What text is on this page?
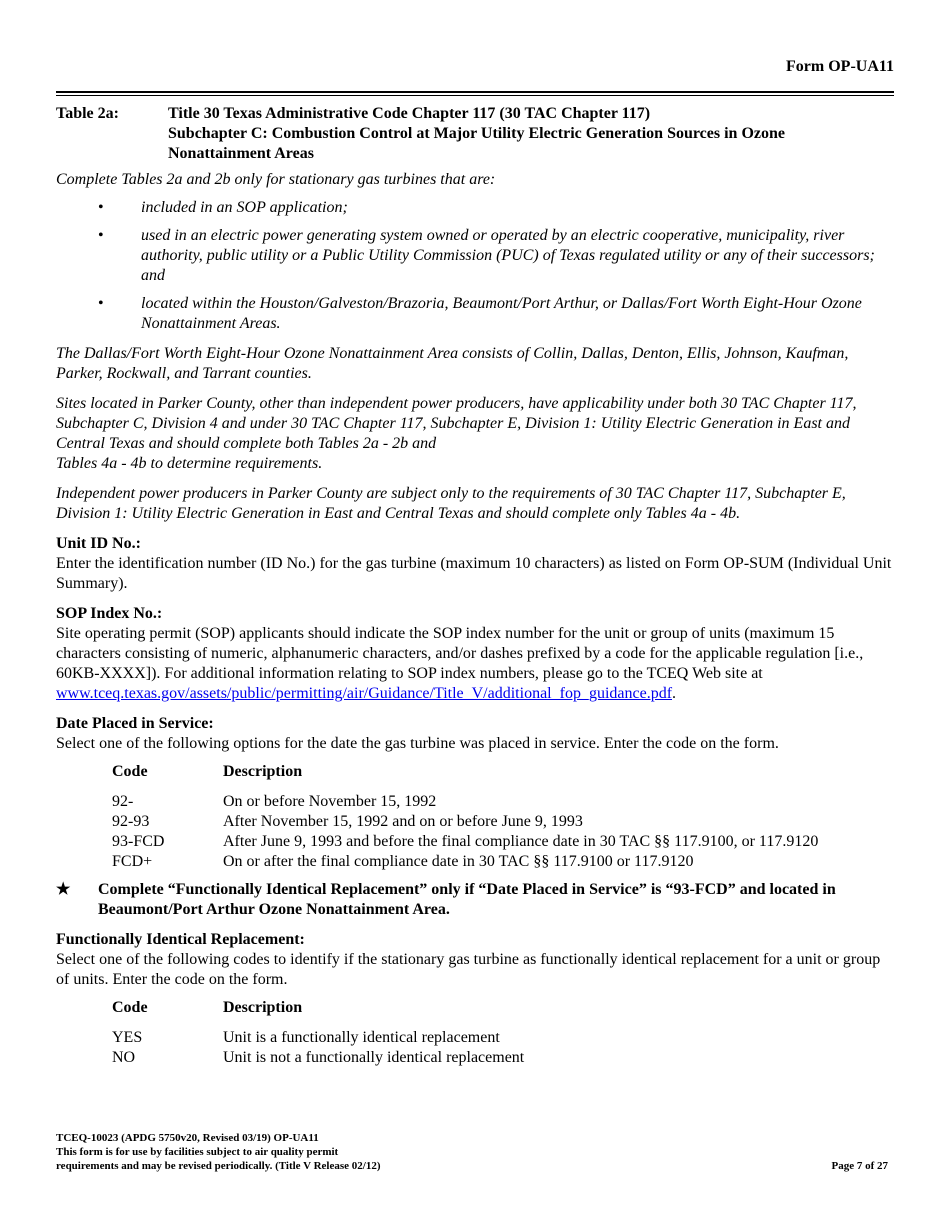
Form OP-UA11
Table 2a:	Title 30 Texas Administrative Code Chapter 117 (30 TAC Chapter 117)
Subchapter C: Combustion Control at Major Utility Electric Generation Sources in Ozone
Nonattainment Areas

Complete Tables 2a and 2b only for stationary gas turbines that are:

•	included in an SOP application;
•	used in an electric power generating system owned or operated by an electric cooperative, municipality, river authority, public utility or a Public Utility Commission (PUC) of Texas regulated utility or any of their successors; and
•	located within the Houston/Galveston/Brazoria, Beaumont/Port Arthur, or Dallas/Fort Worth Eight-Hour Ozone Nonattainment Areas.

The Dallas/Fort Worth Eight-Hour Ozone Nonattainment Area consists of Collin, Dallas, Denton, Ellis, Johnson, Kaufman, Parker, Rockwall, and Tarrant counties.

Sites located in Parker County, other than independent power producers, have applicability under both 30 TAC Chapter 117, Subchapter C, Division 4 and under 30 TAC Chapter 117, Subchapter E, Division 1: Utility Electric Generation in East and Central Texas and should complete both Tables 2a - 2b and
Tables 4a - 4b to determine requirements.

Independent power producers in Parker County are subject only to the requirements of 30 TAC Chapter 117, Subchapter E, Division 1: Utility Electric Generation in East and Central Texas and should complete only Tables 4a - 4b.

Unit ID No.:

Enter the identification number (ID No.) for the gas turbine (maximum 10 characters) as listed on Form OP-SUM (Individual Unit Summary).

SOP Index No.:

Site operating permit (SOP) applicants should indicate the SOP index number for the unit or group of units (maximum 15 characters consisting of numeric, alphanumeric characters, and/or dashes prefixed by a code for the applicable regulation [i.e., 60KB-XXXX]). For additional information relating to SOP index numbers, please go to the TCEQ Web site at www.tceq.texas.gov/assets/public/permitting/air/Guidance/Title_V/additional_fop_guidance.pdf.

Date Placed in Service:

Select one of the following options for the date the gas turbine was placed in service. Enter the code on the form.

Code	Description
92-	On or before November 15, 1992
92-93	After November 15, 1992 and on or before June 9, 1993
93-FCD	After June 9, 1993 and before the final compliance date in 30 TAC §§ 117.9100, or 117.9120
FCD+	On or after the final compliance date in 30 TAC §§ 117.9100 or 117.9120
★	Complete “Functionally Identical Replacement” only if “Date Placed in Service” is “93-FCD” and located in Beaumont/Port Arthur Ozone Nonattainment Area.

Functionally Identical Replacement:

Select one of the following codes to identify if the stationary gas turbine as functionally identical replacement for a unit or group of units. Enter the code on the form.

Code	Description
YES	Unit is a functionally identical replacement
NO	Unit is not a functionally identical replacement
TCEQ-10023 (APDG 5750v20, Revised 03/19) OP-UA11
This form is for use by facilities subject to air quality permit
requirements and may be revised periodically. (Title V Release 02/12)	Page 7 of 27
